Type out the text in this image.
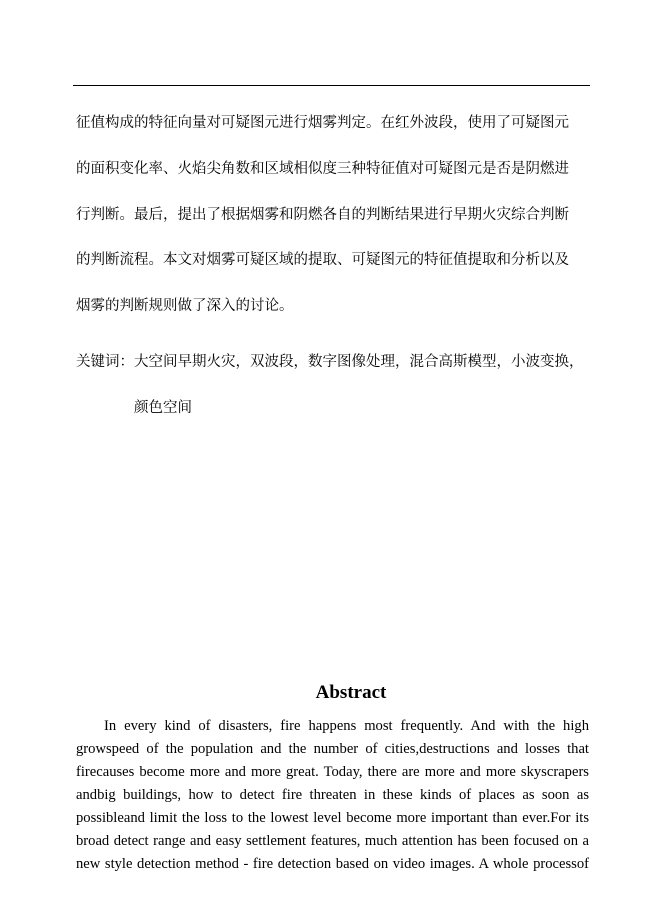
征值构成的特征向量对可疑图元进行烟雾判定。在红外波段，使用了可疑图元
的面积变化率、火焰尖角数和区域相似度三种特征值对可疑图元是否是阴燃进
行判断。最后，提出了根据烟雾和阴燃各自的判断结果进行早期火灾综合判断
的判断流程。本文对烟雾可疑区域的提取、可疑图元的特征值提取和分析以及
烟雾的判断规则做了深入的讨论。
关键词： 大空间早期火灾，双波段，数字图像处理，混合高斯模型，小波变换，
颜色空间
Abstract
In every kind of disasters, fire happens most frequently. And with the high
growspeed of the population and the number of cities,destructions and losses that
firecauses become more and more great. Today, there are more and more skyscrapers
andbig buildings, how to detect fire threaten in these kinds of places as soon as
possibleand limit the loss to the lowest level become more important than ever.For its
broad detect range and easy settlement features, much attention has been focused on a
new style detection method - fire detection based on video images. A whole processof
